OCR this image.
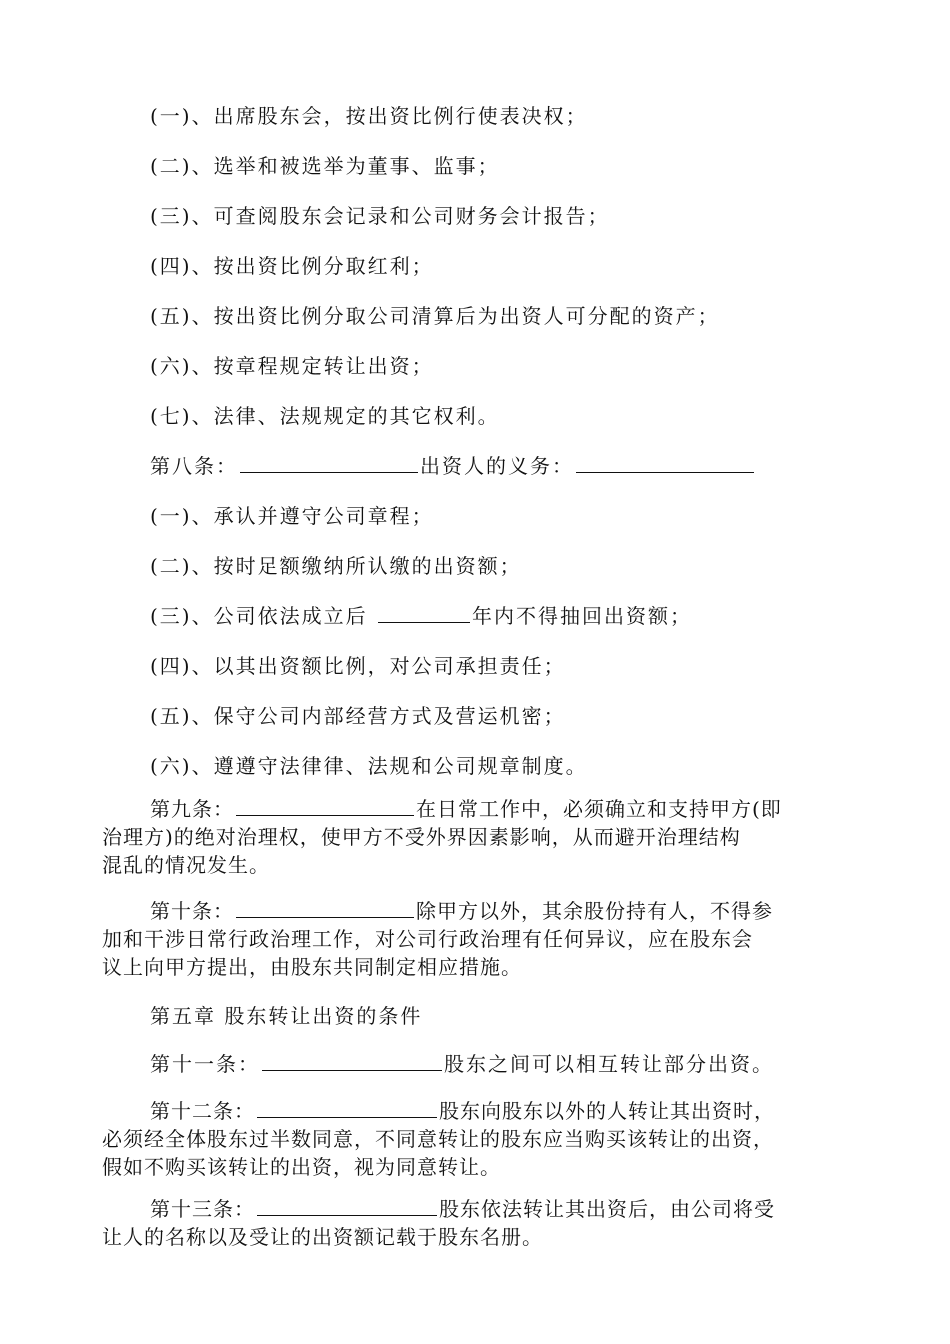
(一)、出席股东会，按出资比例行使表决权；
(二)、选举和被选举为董事、监事；
(三)、可查阅股东会记录和公司财务会计报告；
(四)、按出资比例分取红利；
(五)、按出资比例分取公司清算后为出资人可分配的资产；
(六)、按章程规定转让出资；
(七)、法律、法规规定的其它权利。
第八条：	出资人的义务：
(一)、承认并遵守公司章程；
(二)、按时足额缴纳所认缴的出资额；
(三)、公司依法成立后	年内不得抽回出资额；
(四)、以其出资额比例，对公司承担责任；
(五)、保守公司内部经营方式及营运机密；
(六)、遵遵守法律律、法规和公司规章制度。
第九条：	在日常工作中，必须确立和支持甲方(即
治理方)的绝对治理权，使甲方不受外界因素影响，从而避开治理结构
混乱的情况发生。
第十条：	除甲方以外，其余股份持有人，不得参
加和干涉日常行政治理工作，对公司行政治理有任何异议，应在股东会
议上向甲方提出，由股东共同制定相应措施。
第五章 股东转让出资的条件
第十一条：	股东之间可以相互转让部分出资。
第十二条：	股东向股东以外的人转让其出资时，
必须经全体股东过半数同意，不同意转让的股东应当购买该转让的出资，
假如不购买该转让的出资，视为同意转让。
第十三条：	股东依法转让其出资后，由公司将受
让人的名称以及受让的出资额记载于股东名册。
